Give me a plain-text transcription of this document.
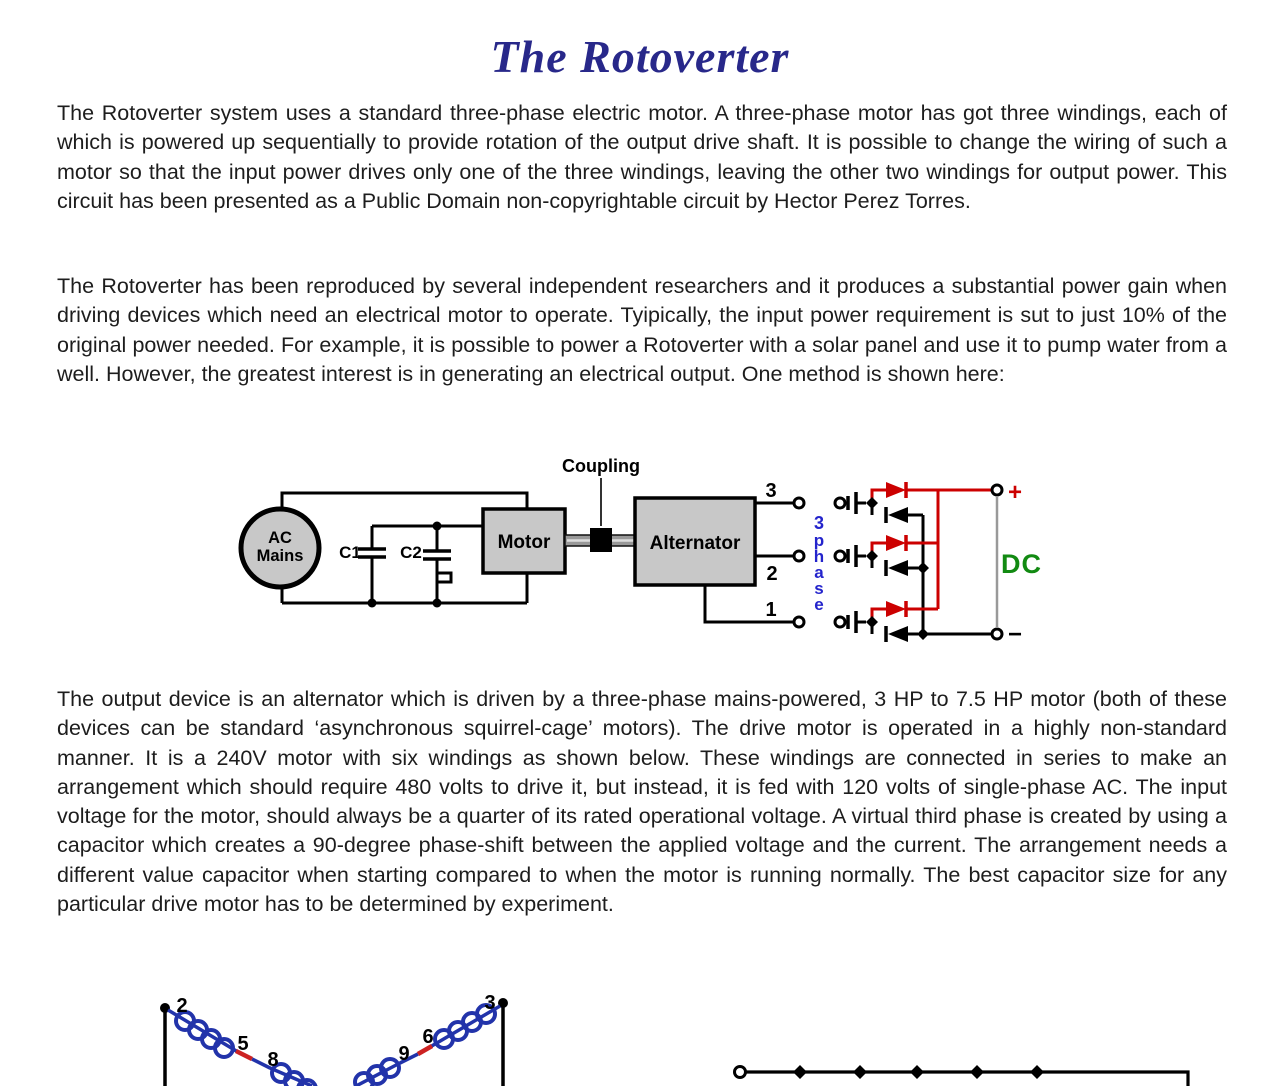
The Rotoverter

The Rotoverter system uses a standard three-phase electric motor. A three-phase motor has got three windings, each of which is powered up sequentially to provide rotation of the output drive shaft. It is possible to change the wiring of such a motor so that the input power drives only one of the three windings, leaving the other two windings for output power. This circuit has been presented as a Public Domain non-copyrightable circuit by Hector Perez Torres.

The Rotoverter has been reproduced by several independent researchers and it produces a substantial power gain when driving devices which need an electrical motor to operate. Tyipically, the input power requirement is sut to just 10% of the original power needed. For example, it is possible to power a Rotoverter with a solar panel and use it to pump water from a well. However, the greatest interest is in generating an electrical output. One method is shown here:

The output device is an alternator which is driven by a three-phase mains-powered, 3 HP to 7.5 HP motor (both of these devices can be standard ‘asynchronous squirrel-cage’ motors). The drive motor is operated in a highly non-standard manner. It is a 240V motor with six windings as shown below. These windings are connected in series to make an arrangement which should require 480 volts to drive it, but instead, it is fed with 120 volts of single-phase AC. The input voltage for the motor, should always be a quarter of its rated operational voltage. A virtual third phase is created by using a capacitor which creates a 90-degree phase-shift between the applied voltage and the current. The arrangement needs a different value capacitor when starting compared to when the motor is running normally. The best capacitor size for any particular drive motor has to be determined by experiment.

AC
Mains C1 C2	Motor
Coupling
Alternator
3
2
1
3
p
h
a
s
e
+
−
DC
2	3
5
8
6
9
